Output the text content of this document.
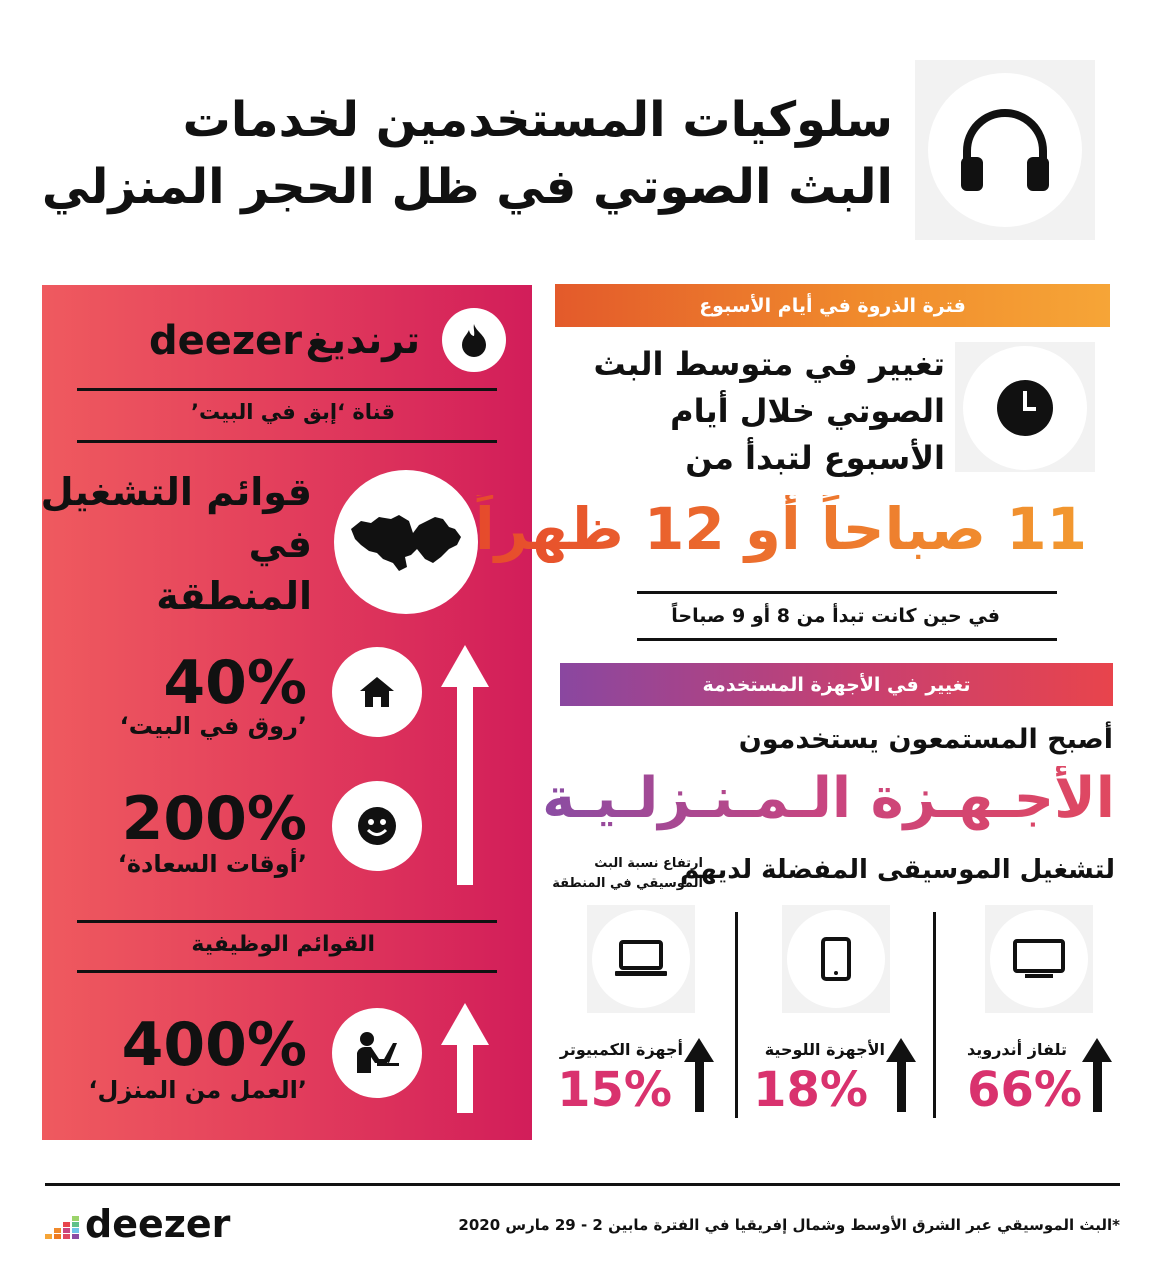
سلوكيات المستخدمين لخدمات
البث الصوتي في ظل الحجر المنزلي
ترنديغ
deezer
قناة ‘إبق في البيت’
قوائم التشغيل
في
المنطقة
40%
’روق في البيت‘
200%
’أوقات السعادة‘
القوائم الوظيفية
400%
’العمل من المنزل‘
فترة الذروة في أيام الأسبوع
تغيير في متوسط البث
الصوتي خلال أيام
الأسبوع لتبدأ من
11 صباحاً أو 12 ظهراً
في حين كانت تبدأ من 8 أو 9 صباحاً
تغيير في الأجهزة المستخدمة
أصبح المستمعون يستخدمون
الأجـهـزة الـمـنـزلـيـة
لتشغيل الموسيقى المفضلة لديهم
ارتفاع نسبة البث
الموسيقي في المنطقة
تلفاز أندرويد
66%
الأجهزة اللوحية
18%
أجهزة الكمبيوتر
15%
deezer	*البث الموسيقي عبر الشرق الأوسط وشمال إفريقيا في الفترة مابين 2 - 29 مارس 2020
